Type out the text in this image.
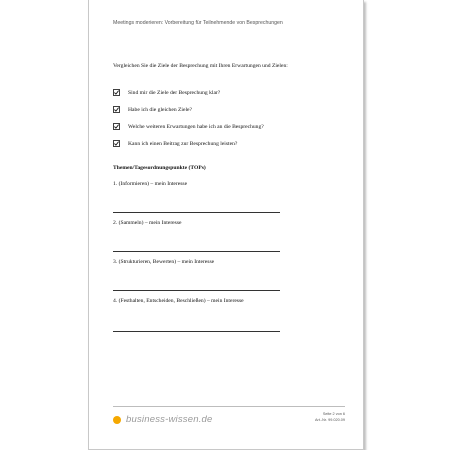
Meetings moderieren: Vorbereitung für Teilnehmende von Besprechungen
Vergleichen Sie die Ziele der Besprechung mit Ihren Erwartungen und Zielen:
Sind mir die Ziele der Besprechung klar?
Habe ich die gleichen Ziele?
Welche weiteren Erwartungen habe ich an die Besprechung?
Kann ich einen Beitrag zur Besprechung leisten?
Themen/Tagesordnungspunkte (TOPs)
1. (Informieren) – mein Interesse
2. (Sammeln) – mein Interesse
3. (Strukturieren, Bewerten) – mein Interesse
4. (Festhalten, Entscheiden, Beschließen) – mein Interesse
business-wissen.de	Seite 2 von 6
Art.-Nr. 99.020.09
